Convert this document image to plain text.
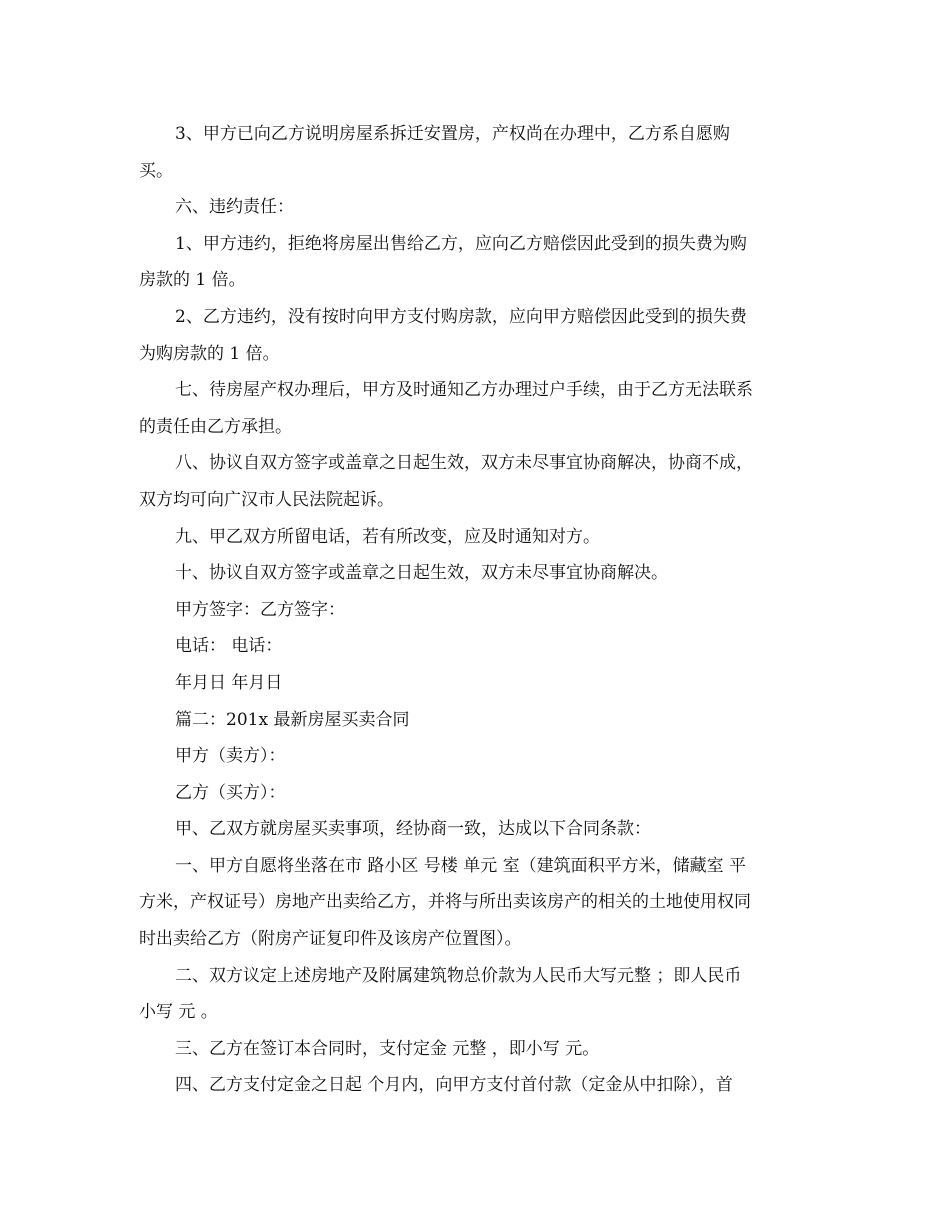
3、甲方已向乙方说明房屋系拆迁安置房，产权尚在办理中，乙方系自愿购
买。
六、违约责任：
1、甲方违约，拒绝将房屋出售给乙方，应向乙方赔偿因此受到的损失费为购
房款的 1 倍。
2、乙方违约，没有按时向甲方支付购房款，应向甲方赔偿因此受到的损失费
为购房款的 1 倍。
七、待房屋产权办理后，甲方及时通知乙方办理过户手续，由于乙方无法联系
的责任由乙方承担。
八、协议自双方签字或盖章之日起生效，双方未尽事宜协商解决，协商不成，
双方均可向广汉市人民法院起诉。
九、甲乙双方所留电话，若有所改变，应及时通知对方。
十、协议自双方签字或盖章之日起生效，双方未尽事宜协商解决。
甲方签字：乙方签字：
电话： 电话：
年月日 年月日
篇二：201x 最新房屋买卖合同
甲方（卖方）：
乙方（买方）：
甲、乙双方就房屋买卖事项，经协商一致，达成以下合同条款：
一、甲方自愿将坐落在市 路小区 号楼 单元 室（建筑面积平方米，储藏室 平
方米，产权证号）房地产出卖给乙方，并将与所出卖该房产的相关的土地使用权同
时出卖给乙方（附房产证复印件及该房产位置图）。
二、双方议定上述房地产及附属建筑物总价款为人民币大写元整 ；即人民币
小写 元 。
三、乙方在签订本合同时，支付定金 元整 ，即小写 元。
四、乙方支付定金之日起 个月内，向甲方支付首付款（定金从中扣除），首
